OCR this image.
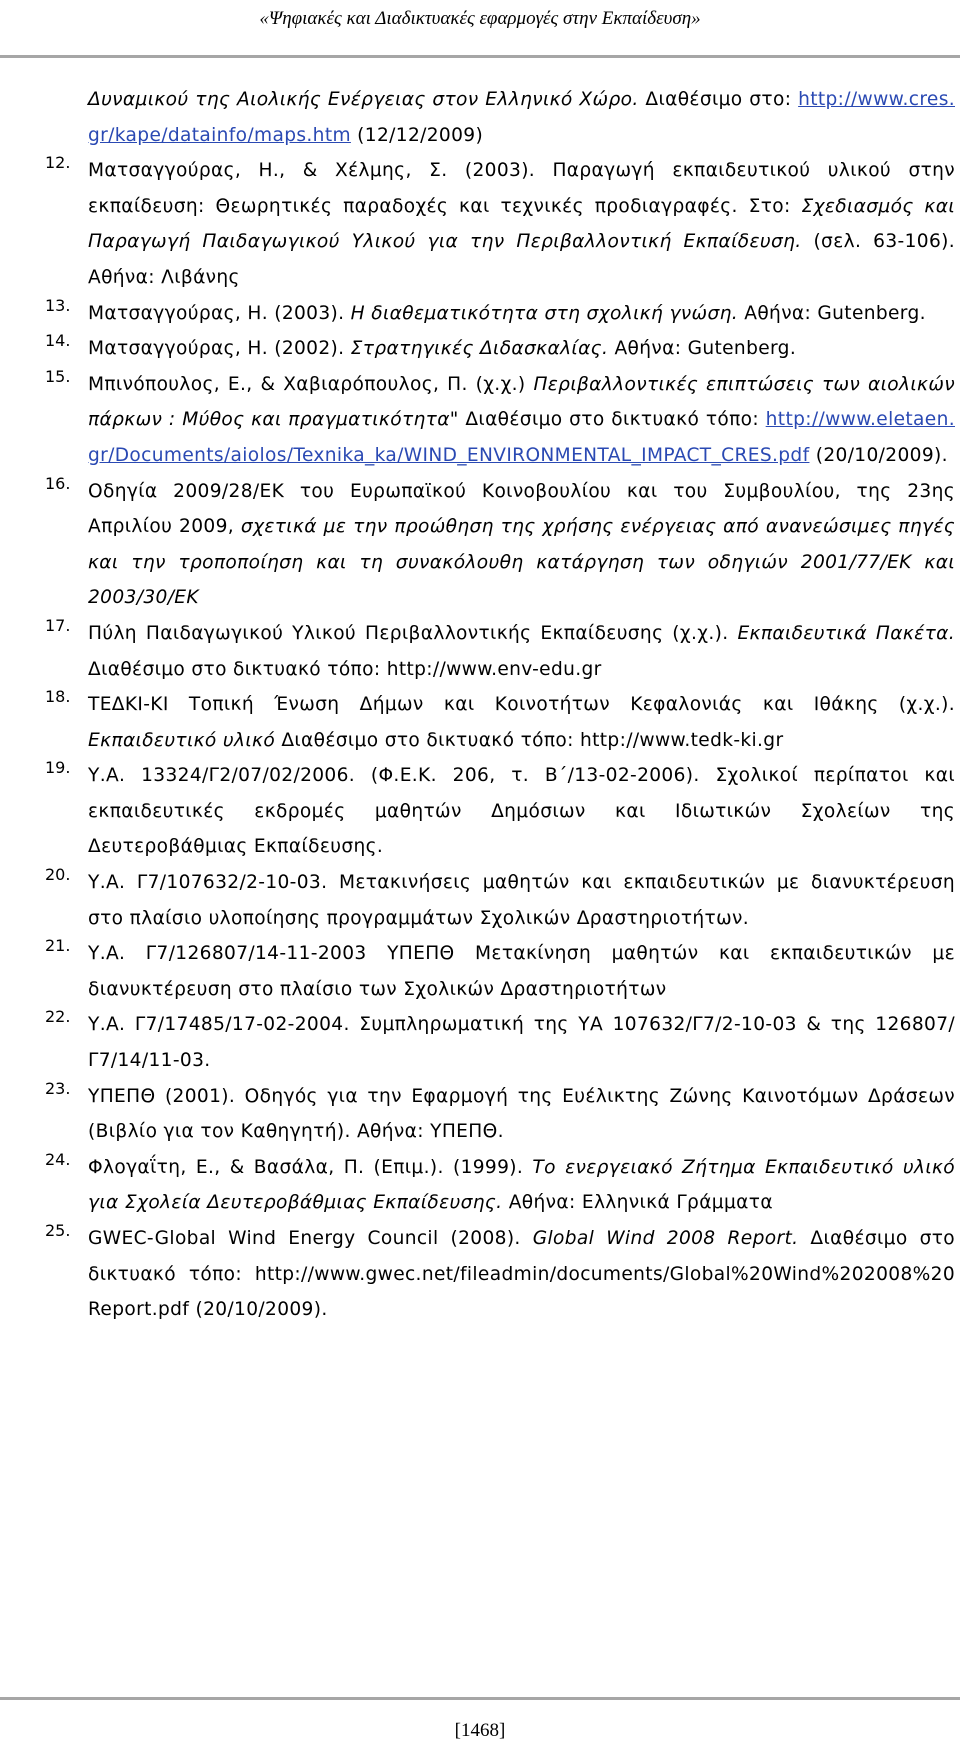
«Ψηφιακές και Διαδικτυακές εφαρμογές στην Εκπαίδευση»
Δυναμικού της Αιολικής Ενέργειας στον Ελληνικό Χώρο. Διαθέσιμο στο: http://www.cres.gr/kape/datainfo/maps.htm (12/12/2009)
12. Ματσαγγούρας, Η., & Χέλμης, Σ. (2003). Παραγωγή εκπαιδευτικού υλικού στην εκπαίδευση: Θεωρητικές παραδοχές και τεχνικές προδιαγραφές. Στο: Σχεδιασμός και Παραγωγή Παιδαγωγικού Υλικού για την Περιβαλλοντική Εκπαίδευση. (σελ. 63-106). Αθήνα: Λιβάνης
13. Ματσαγγούρας, Η. (2003). Η διαθεματικότητα στη σχολική γνώση. Αθήνα: Gutenberg.
14. Ματσαγγούρας, Η. (2002). Στρατηγικές Διδασκαλίας. Αθήνα: Gutenberg.
15. Μπινόπουλος, Ε., & Χαβιαρόπουλος, Π. (χ.χ.) Περιβαλλοντικές επιπτώσεις των αιολικών πάρκων : Μύθος και πραγματικότητα" Διαθέσιμο στο δικτυακό τόπο: http://www.eletaen.gr/Documents/aiolos/Texnika_ka/WIND_ENVIRONMENTAL_IMPACT_CRES.pdf (20/10/2009).
16. Οδηγία 2009/28/ΕΚ του Ευρωπαϊκού Κοινοβουλίου και του Συμβουλίου, της 23ης Απριλίου 2009, σχετικά με την προώθηση της χρήσης ενέργειας από ανανεώσιμες πηγές και την τροποποίηση και τη συνακόλουθη κατάργηση των οδηγιών 2001/77/ΕΚ και 2003/30/ΕΚ
17. Πύλη Παιδαγωγικού Υλικού Περιβαλλοντικής Εκπαίδευσης (χ.χ.). Εκπαιδευτικά Πακέτα. Διαθέσιμο στο δικτυακό τόπο: http://www.env-edu.gr
18. ΤΕΔΚΙ-ΚΙ Τοπική Ένωση Δήμων και Κοινοτήτων Κεφαλονιάς και Ιθάκης (χ.χ.). Εκπαιδευτικό υλικό Διαθέσιμο στο δικτυακό τόπο: http://www.tedk-ki.gr
19. Υ.Α. 13324/Γ2/07/02/2006. (Φ.Ε.Κ. 206, τ. Β΄/13-02-2006). Σχολικοί περίπατοι και εκπαιδευτικές εκδρομές μαθητών Δημόσιων και Ιδιωτικών Σχολείων της Δευτεροβάθμιας Εκπαίδευσης.
20. Υ.Α. Γ7/107632/2-10-03. Μετακινήσεις μαθητών και εκπαιδευτικών με διανυκτέρευση στο πλαίσιο υλοποίησης προγραμμάτων Σχολικών Δραστηριοτήτων.
21. Υ.Α. Γ7/126807/14-11-2003 ΥΠΕΠΘ Μετακίνηση μαθητών και εκπαιδευτικών με διανυκτέρευση στο πλαίσιο των Σχολικών Δραστηριοτήτων
22. Υ.Α. Γ7/17485/17-02-2004. Συμπληρωματική της ΥΑ 107632/Γ7/2-10-03 & της 126807/Γ7/14/11-03.
23. ΥΠΕΠΘ (2001). Οδηγός για την Εφαρμογή της Ευέλικτης Ζώνης Καινοτόμων Δράσεων (Βιβλίο για τον Καθηγητή). Αθήνα: ΥΠΕΠΘ.
24. Φλογαΐτη, Ε., & Βασάλα, Π. (Επιμ.). (1999). Το ενεργειακό Ζήτημα Εκπαιδευτικό υλικό για Σχολεία Δευτεροβάθμιας Εκπαίδευσης. Αθήνα: Ελληνικά Γράμματα
25. GWEC-Global Wind Energy Council (2008). Global Wind 2008 Report. Διαθέσιμο στο δικτυακό τόπο: http://www.gwec.net/fileadmin/documents/Global%20Wind%202008%20 Report.pdf (20/10/2009).
[1468]
